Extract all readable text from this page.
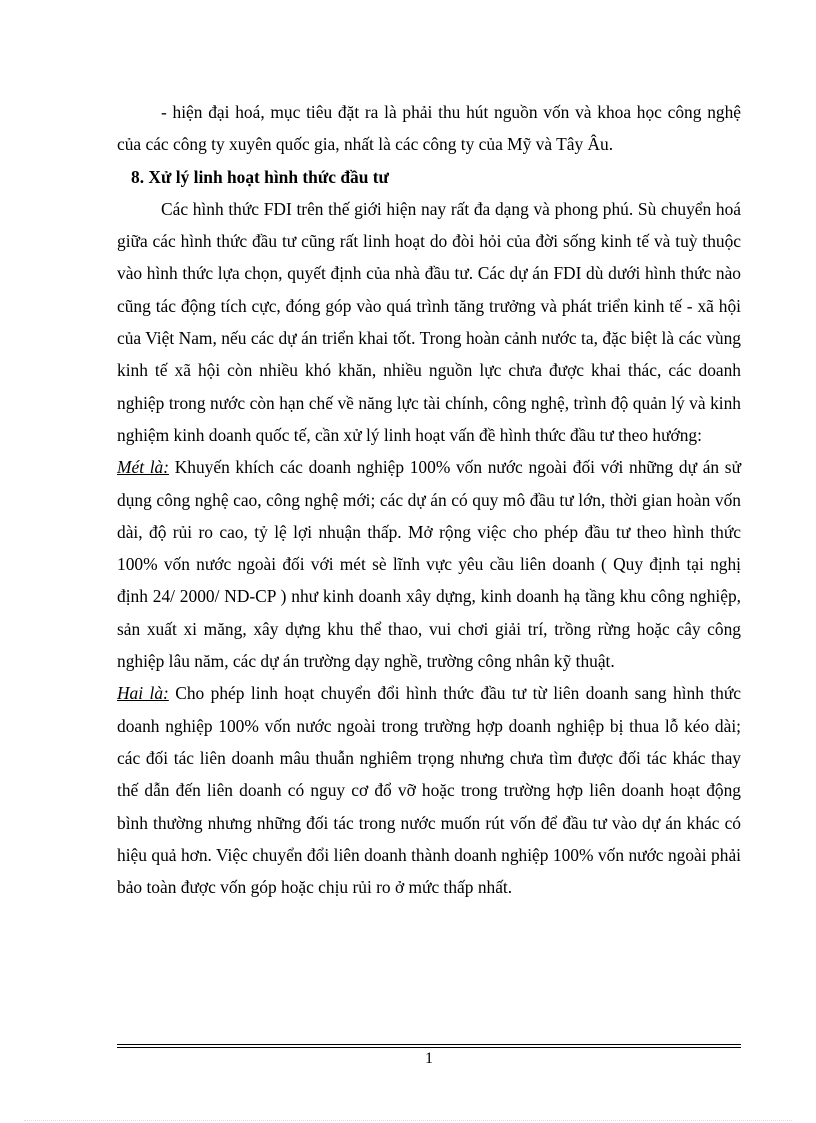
- hiện đại hoá, mục tiêu đặt ra là phải thu hút nguồn vốn và khoa học công nghệ của các công ty xuyên quốc gia, nhất là các công ty của Mỹ và Tây Âu.

8. Xử lý linh hoạt hình thức đầu tư

Các hình thức FDI trên thế giới hiện nay rất đa dạng và phong phú. Sù chuyển hoá giữa các hình thức đầu tư cũng rất linh hoạt do đòi hỏi của đời sống kinh tế và tuỳ thuộc vào hình thức lựa chọn, quyết định của nhà đầu tư. Các dự án FDI dù dưới hình thức nào cũng tác động tích cực, đóng góp vào quá trình tăng trưởng và phát triển kinh tế - xã hội của Việt Nam, nếu các dự án triển khai tốt. Trong hoàn cảnh nước ta, đặc biệt là các vùng kinh tế xã hội còn nhiều khó khăn, nhiều nguồn lực chưa được khai thác, các doanh nghiệp trong nước còn hạn chế về năng lực tài chính, công nghệ, trình độ quản lý và kinh nghiệm kinh doanh quốc tế, cần xử lý linh hoạt vấn đề hình thức đầu tư theo hướng:

Mét là: Khuyến khích các doanh nghiệp 100% vốn nước ngoài đối với những dự án sử dụng công nghệ cao, công nghệ mới; các dự án có quy mô đầu tư lớn, thời gian hoàn vốn dài, độ rủi ro cao, tỷ lệ lợi nhuận thấp. Mở rộng việc cho phép đầu tư theo hình thức 100% vốn nước ngoài đối với mét sè lĩnh vực yêu cầu liên doanh ( Quy định tại nghị định 24/ 2000/ ND-CP ) như kinh doanh xây dựng, kinh doanh hạ tầng khu công nghiệp, sản xuất xi măng, xây dựng khu thể thao, vui chơi giải trí, trồng rừng hoặc cây công nghiệp lâu năm, các dự án trường dạy nghề, trường công nhân kỹ thuật.

Hai là: Cho phép linh hoạt chuyển đổi hình thức đầu tư từ liên doanh sang hình thức doanh nghiệp 100% vốn nước ngoài trong trường hợp doanh nghiệp bị thua lỗ kéo dài; các đối tác liên doanh mâu thuẫn nghiêm trọng nhưng chưa tìm được đối tác khác thay thế dẫn đến liên doanh có nguy cơ đổ vỡ hoặc trong trường hợp liên doanh hoạt động bình thường nhưng những đối tác trong nước muốn rút vốn để đầu tư vào dự án khác có hiệu quả hơn. Việc chuyển đổi liên doanh thành doanh nghiệp 100% vốn nước ngoài phải bảo toàn được vốn góp hoặc chịu rủi ro ở mức thấp nhất.

1
